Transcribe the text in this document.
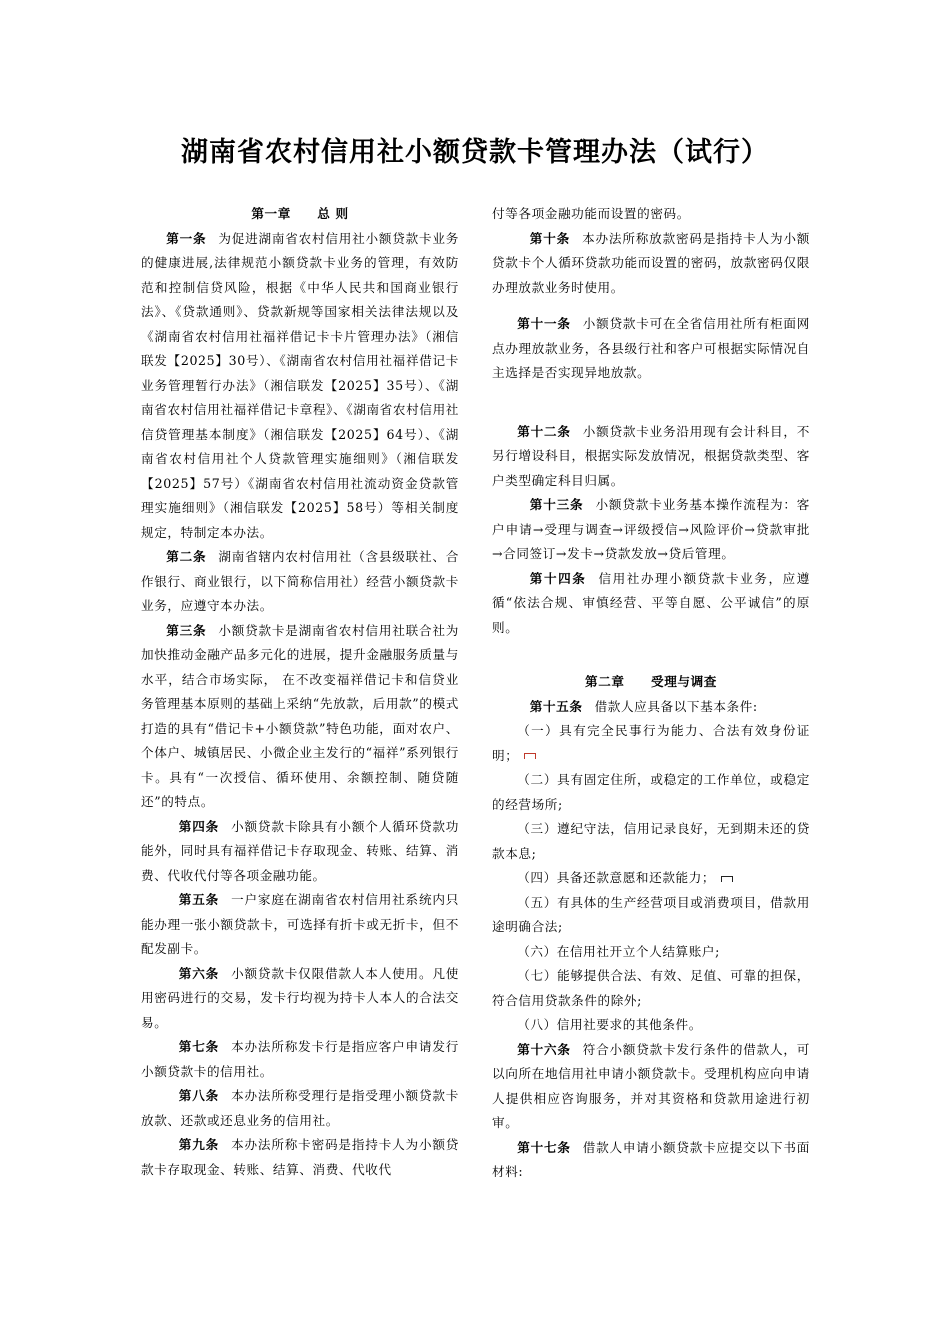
湖南省农村信用社小额贷款卡管理办法（试行）
第一章　　总 则

第一条 为促进湖南省农村信用社小额贷款卡业务的健康进展,法律规范小额贷款卡业务的管理，有效防范和控制信贷风险，根据《中华人民共和国商业银行法》、《贷款通则》、贷款新规等国家相关法律法规以及《湖南省农村信用社福祥借记卡卡片管理办法》（湘信联发【2025】30号）、《湖南省农村信用社福祥借记卡业务管理暂行办法》（湘信联发【2025】35号）、《湖南省农村信用社福祥借记卡章程》、《湖南省农村信用社信贷管理基本制度》（湘信联发【2025】64号）、《湖南省农村信用社个人贷款管理实施细则》（湘信联发【2025】57号）《湖南省农村信用社流动资金贷款管理实施细则》（湘信联发【2025】58号）等相关制度规定，特制定本办法。

第二条 湖南省辖内农村信用社（含县级联社、合作银行、商业银行，以下简称信用社）经营小额贷款卡业务，应遵守本办法。

第三条 小额贷款卡是湖南省农村信用社联合社为加快推动金融产品多元化的进展，提升金融服务质量与水平，结合市场实际， 在不改变福祥借记卡和信贷业务管理基本原则的基础上采纳“先放款，后用款”的模式打造的具有“借记卡+小额贷款”特色功能，面对农户、个体户、城镇居民、小微企业主发行的“福祥”系列银行卡。具有“一次授信、循环使用、余额控制、随贷随还”的特点。

第四条 小额贷款卡除具有小额个人循环贷款功能外，同时具有福祥借记卡存取现金、转账、结算、消费、代收代付等各项金融功能。

第五条 一户家庭在湖南省农村信用社系统内只能办理一张小额贷款卡，可选择有折卡或无折卡，但不配发副卡。

第六条 小额贷款卡仅限借款人本人使用。凡使用密码进行的交易，发卡行均视为持卡人本人的合法交易。

第七条 本办法所称发卡行是指应客户申请发行小额贷款卡的信用社。

第八条 本办法所称受理行是指受理小额贷款卡放款、还款或还息业务的信用社。

第九条 本办法所称卡密码是指持卡人为小额贷款卡存取现金、转账、结算、消费、代收代

付等各项金融功能而设置的密码。

第十条 本办法所称放款密码是指持卡人为小额贷款卡个人循环贷款功能而设置的密码，放款密码仅限办理放款业务时使用。

第十一条 小额贷款卡可在全省信用社所有柜面网点办理放款业务，各县级行社和客户可根据实际情况自主选择是否实现异地放款。

第十二条 小额贷款卡业务沿用现有会计科目，不另行增设科目，根据实际发放情况，根据贷款类型、客户类型确定科目归属。

第十三条 小额贷款卡业务基本操作流程为：客户申请→受理与调查→评级授信→风险评价→贷款审批→合同签订→发卡→贷款发放→贷后管理。

第十四条 信用社办理小额贷款卡业务，应遵循“依法合规、审慎经营、平等自愿、公平诚信”的原则。

第二章　　受理与调查

第十五条 借款人应具备以下基本条件:

（一）具有完全民事行为能力、合法有效身份证明；

（二）具有固定住所，或稳定的工作单位，或稳定的经营场所;

（三）遵纪守法，信用记录良好，无到期未还的贷款本息;

（四）具备还款意愿和还款能力；

（五）有具体的生产经营项目或消费项目，借款用途明确合法;

（六）在信用社开立个人结算账户;

（七）能够提供合法、有效、足值、可靠的担保，符合信用贷款条件的除外;

（八）信用社要求的其他条件。

第十六条 符合小额贷款卡发行条件的借款人，可以向所在地信用社申请小额贷款卡。受理机构应向申请人提供相应咨询服务，并对其资格和贷款用途进行初审。

第十七条 借款人申请小额贷款卡应提交以下书面材料:
